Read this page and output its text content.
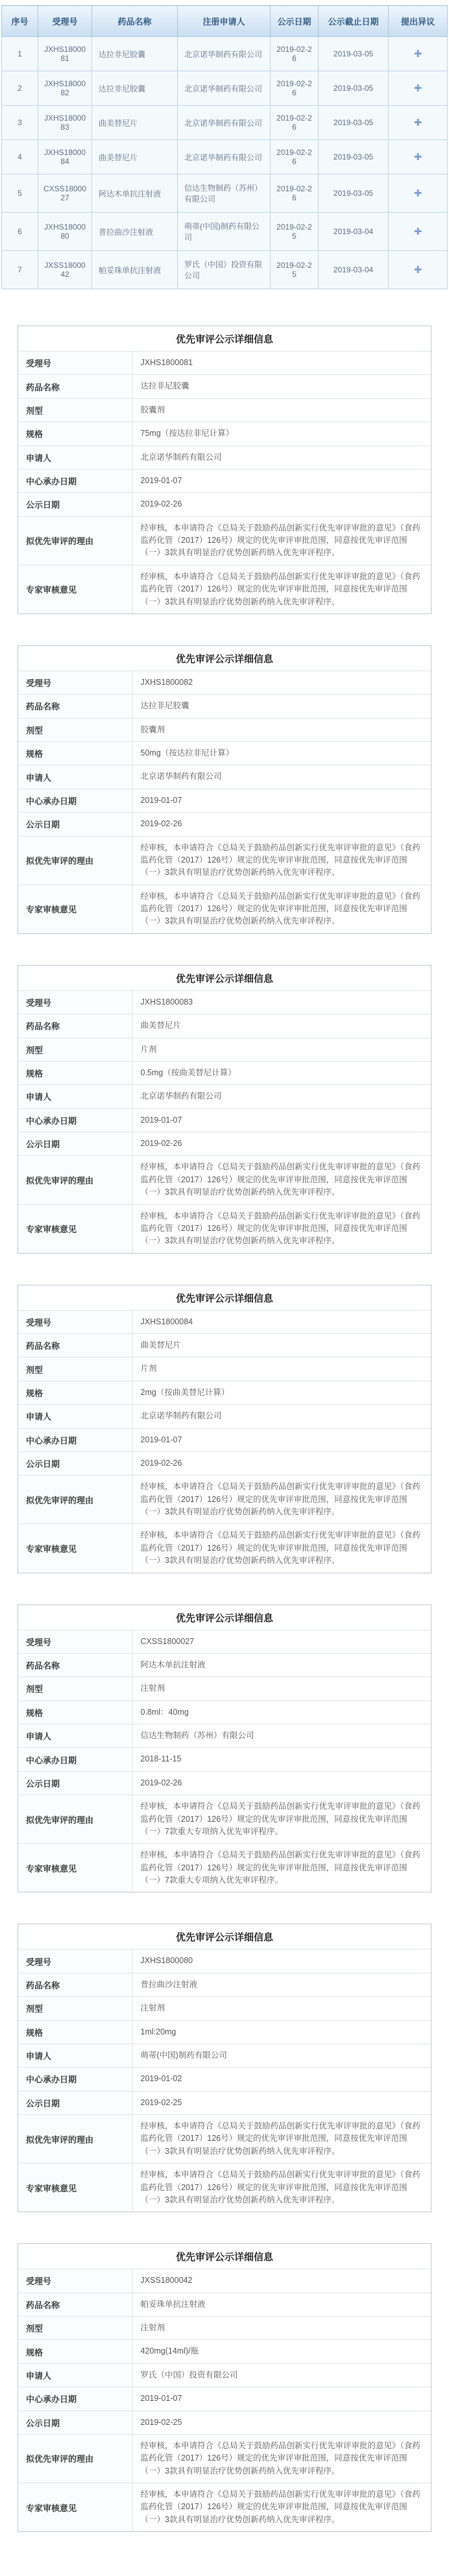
序号	受理号	药品名称	注册申请人	公示日期	公示截止日期	提出异议
1	JXHS1800081	达拉非尼胶囊	北京诺华制药有限公司	2019-02-26	2019-03-05	✚
2	JXHS1800082	达拉非尼胶囊	北京诺华制药有限公司	2019-02-26	2019-03-05	✚
3	JXHS1800083	曲美替尼片	北京诺华制药有限公司	2019-02-26	2019-03-05	✚
4	JXHS1800084	曲美替尼片	北京诺华制药有限公司	2019-02-26	2019-03-05	✚
5	CXSS1800027	阿达木单抗注射液	信达生物制药（苏州）有限公司	2019-02-26	2019-03-05	✚
6	JXHS1800080	普拉曲沙注射液	萌蒂(中国)制药有限公司	2019-02-25	2019-03-04	✚
7	JXSS1800042	帕妥珠单抗注射液	罗氏（中国）投资有限公司	2019-02-25	2019-03-04	✚
优先审评公示详细信息
受理号	JXHS1800081
药品名称	达拉非尼胶囊
剂型	胶囊剂
规格	75mg（按达拉非尼计算）
申请人	北京诺华制药有限公司
中心承办日期	2019-01-07
公示日期	2019-02-26
拟优先审评的理由	经审核，本申请符合《总局关于鼓励药品创新实行优先审评审批的意见》（食药监药化管（2017）126号）规定的优先审评审批范围，同意按优先审评范围（一）3款具有明显治疗优势创新药纳入优先审评程序。
专家审核意见	经审核，本申请符合《总局关于鼓励药品创新实行优先审评审批的意见》（食药监药化管（2017）126号）规定的优先审评审批范围，同意按优先审评范围（一）3款具有明显治疗优势创新药纳入优先审评程序。
优先审评公示详细信息
受理号	JXHS1800082
药品名称	达拉非尼胶囊
剂型	胶囊剂
规格	50mg（按达拉非尼计算）
申请人	北京诺华制药有限公司
中心承办日期	2019-01-07
公示日期	2019-02-26
拟优先审评的理由	经审核，本申请符合《总局关于鼓励药品创新实行优先审评审批的意见》（食药监药化管（2017）126号）规定的优先审评审批范围，同意按优先审评范围（一）3款具有明显治疗优势创新药纳入优先审评程序。
专家审核意见	经审核，本申请符合《总局关于鼓励药品创新实行优先审评审批的意见》（食药监药化管（2017）126号）规定的优先审评审批范围，同意按优先审评范围（一）3款具有明显治疗优势创新药纳入优先审评程序。
优先审评公示详细信息
受理号	JXHS1800083
药品名称	曲美替尼片
剂型	片剂
规格	0.5mg（按曲美替尼计算）
申请人	北京诺华制药有限公司
中心承办日期	2019-01-07
公示日期	2019-02-26
拟优先审评的理由	经审核，本申请符合《总局关于鼓励药品创新实行优先审评审批的意见》（食药监药化管（2017）126号）规定的优先审评审批范围，同意按优先审评范围（一）3款具有明显治疗优势创新药纳入优先审评程序。
专家审核意见	经审核，本申请符合《总局关于鼓励药品创新实行优先审评审批的意见》（食药监药化管（2017）126号）规定的优先审评审批范围，同意按优先审评范围（一）3款具有明显治疗优势创新药纳入优先审评程序。
优先审评公示详细信息
受理号	JXHS1800084
药品名称	曲美替尼片
剂型	片剂
规格	2mg（按曲美替尼计算）
申请人	北京诺华制药有限公司
中心承办日期	2019-01-07
公示日期	2019-02-26
拟优先审评的理由	经审核，本申请符合《总局关于鼓励药品创新实行优先审评审批的意见》（食药监药化管（2017）126号）规定的优先审评审批范围，同意按优先审评范围（一）3款具有明显治疗优势创新药纳入优先审评程序。
专家审核意见	经审核，本申请符合《总局关于鼓励药品创新实行优先审评审批的意见》（食药监药化管（2017）126号）规定的优先审评审批范围，同意按优先审评范围（一）3款具有明显治疗优势创新药纳入优先审评程序。
优先审评公示详细信息
受理号	CXSS1800027
药品名称	阿达木单抗注射液
剂型	注射剂
规格	0.8ml：40mg
申请人	信达生物制药（苏州）有限公司
中心承办日期	2018-11-15
公示日期	2019-02-26
拟优先审评的理由	经审核，本申请符合《总局关于鼓励药品创新实行优先审评审批的意见》（食药监药化管（2017）126号）规定的优先审评审批范围，同意按优先审评范围（一）7款重大专项纳入优先审评程序。
专家审核意见	经审核，本申请符合《总局关于鼓励药品创新实行优先审评审批的意见》（食药监药化管（2017）126号）规定的优先审评审批范围，同意按优先审评范围（一）7款重大专项纳入优先审评程序。
优先审评公示详细信息
受理号	JXHS1800080
药品名称	普拉曲沙注射液
剂型	注射剂
规格	1ml:20mg
申请人	萌蒂(中国)制药有限公司
中心承办日期	2019-01-02
公示日期	2019-02-25
拟优先审评的理由	经审核，本申请符合《总局关于鼓励药品创新实行优先审评审批的意见》（食药监药化管（2017）126号）规定的优先审评审批范围，同意按优先审评范围（一）3款具有明显治疗优势创新药纳入优先审评程序。
专家审核意见	经审核，本申请符合《总局关于鼓励药品创新实行优先审评审批的意见》（食药监药化管（2017）126号）规定的优先审评审批范围，同意按优先审评范围（一）3款具有明显治疗优势创新药纳入优先审评程序。
优先审评公示详细信息
受理号	JXSS1800042
药品名称	帕妥珠单抗注射液
剂型	注射剂
规格	420mg(14ml)/瓶
申请人	罗氏（中国）投资有限公司
中心承办日期	2019-01-07
公示日期	2019-02-25
拟优先审评的理由	经审核，本申请符合《总局关于鼓励药品创新实行优先审评审批的意见》（食药监药化管（2017）126号）规定的优先审评审批范围，同意按优先审评范围（一）3款具有明显治疗优势创新药纳入优先审评程序。
专家审核意见	经审核，本申请符合《总局关于鼓励药品创新实行优先审评审批的意见》（食药监药化管（2017）126号）规定的优先审评审批范围，同意按优先审评范围（一）3款具有明显治疗优势创新药纳入优先审评程序。
